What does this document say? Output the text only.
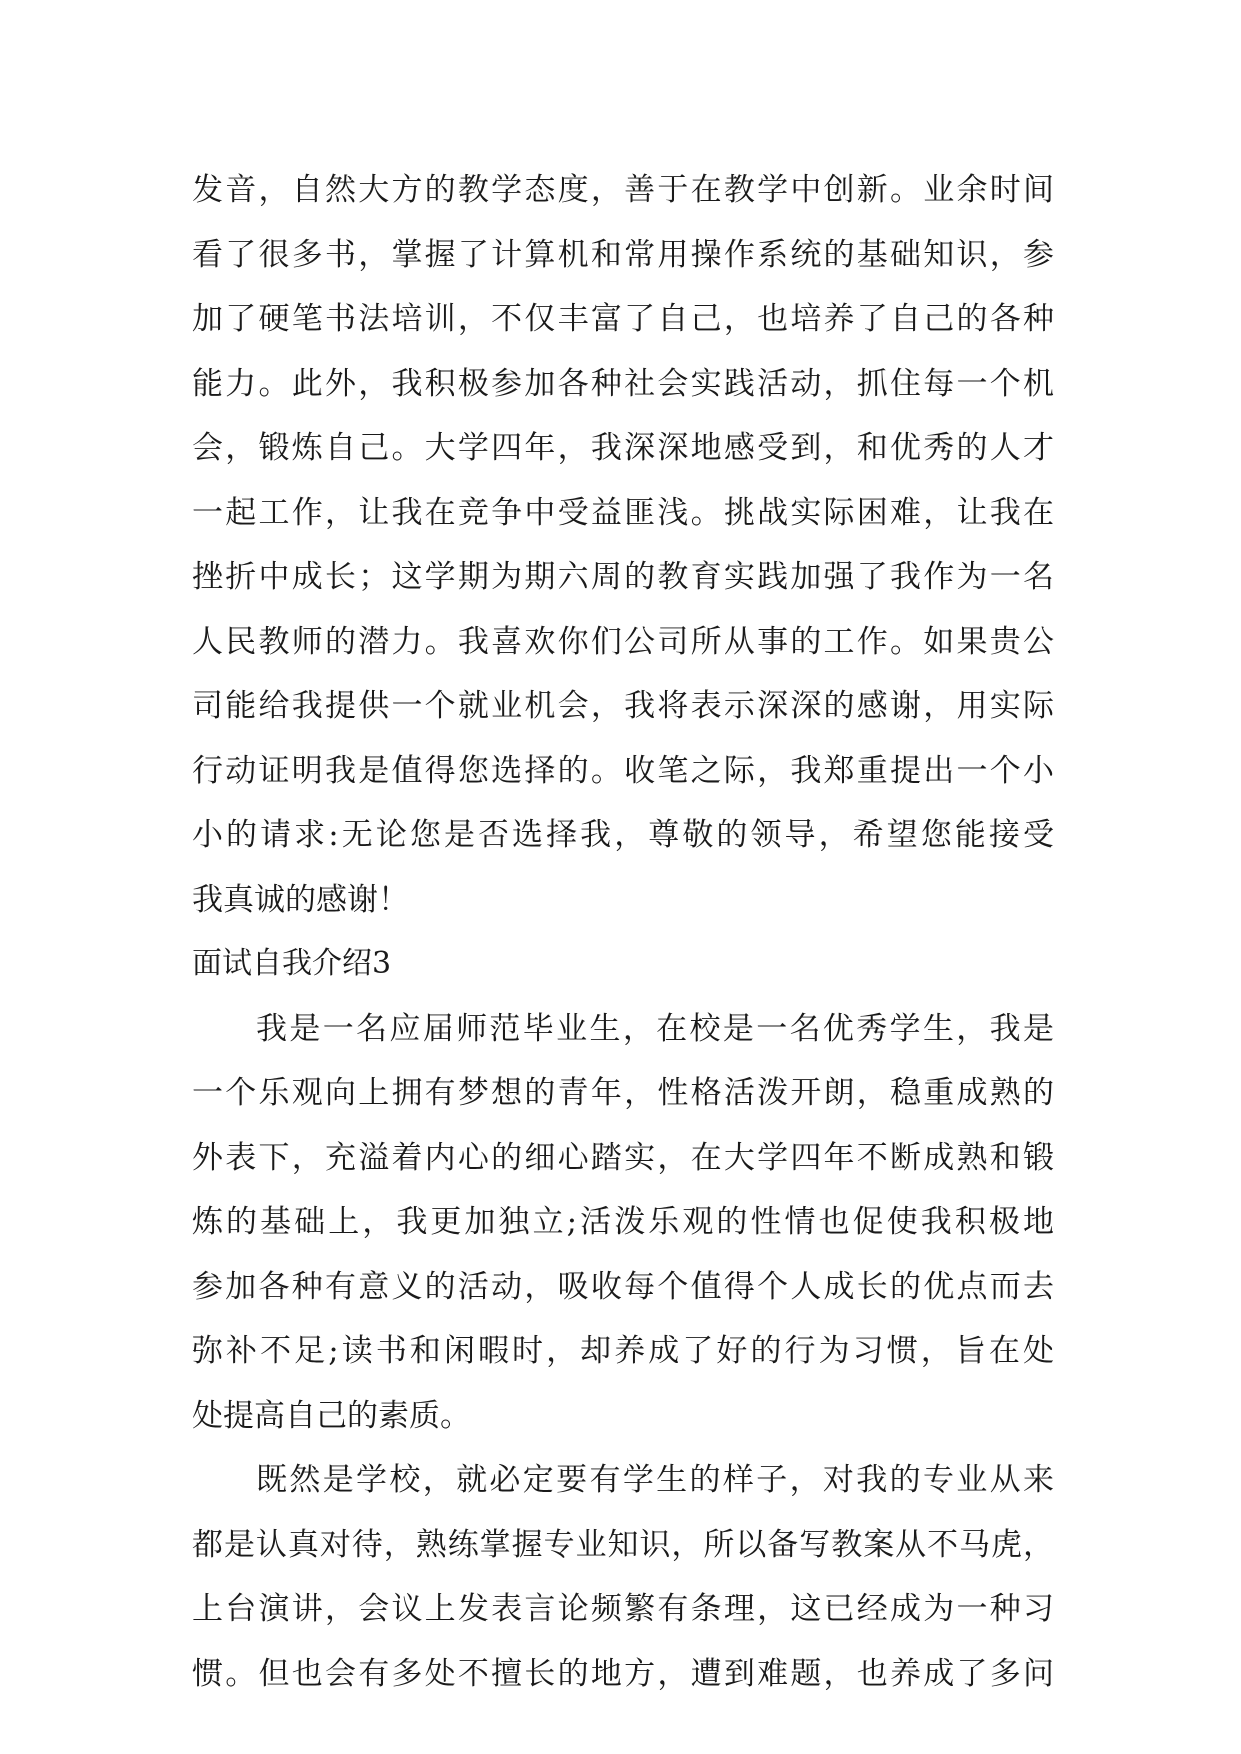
发音，自然大方的教学态度，善于在教学中创新。业余时间
看了很多书，掌握了计算机和常用操作系统的基础知识，参
加了硬笔书法培训，不仅丰富了自己，也培养了自己的各种
能力。此外，我积极参加各种社会实践活动，抓住每一个机
会，锻炼自己。大学四年，我深深地感受到，和优秀的人才
一起工作，让我在竞争中受益匪浅。挑战实际困难，让我在
挫折中成长；这学期为期六周的教育实践加强了我作为一名
人民教师的潜力。我喜欢你们公司所从事的工作。如果贵公
司能给我提供一个就业机会，我将表示深深的感谢，用实际
行动证明我是值得您选择的。收笔之际，我郑重提出一个小
小的请求:无论您是否选择我，尊敬的领导，希望您能接受
我真诚的感谢！
面试自我介绍3
我是一名应届师范毕业生，在校是一名优秀学生，我是
一个乐观向上拥有梦想的青年，性格活泼开朗，稳重成熟的
外表下，充溢着内心的细心踏实，在大学四年不断成熟和锻
炼的基础上，我更加独立;活泼乐观的性情也促使我积极地
参加各种有意义的活动，吸收每个值得个人成长的优点而去
弥补不足;读书和闲暇时，却养成了好的行为习惯，旨在处
处提高自己的素质。
既然是学校，就必定要有学生的样子，对我的专业从来
都是认真对待，熟练掌握专业知识，所以备写教案从不马虎，
上台演讲，会议上发表言论频繁有条理，这已经成为一种习
惯。但也会有多处不擅长的地方，遭到难题，也养成了多问
